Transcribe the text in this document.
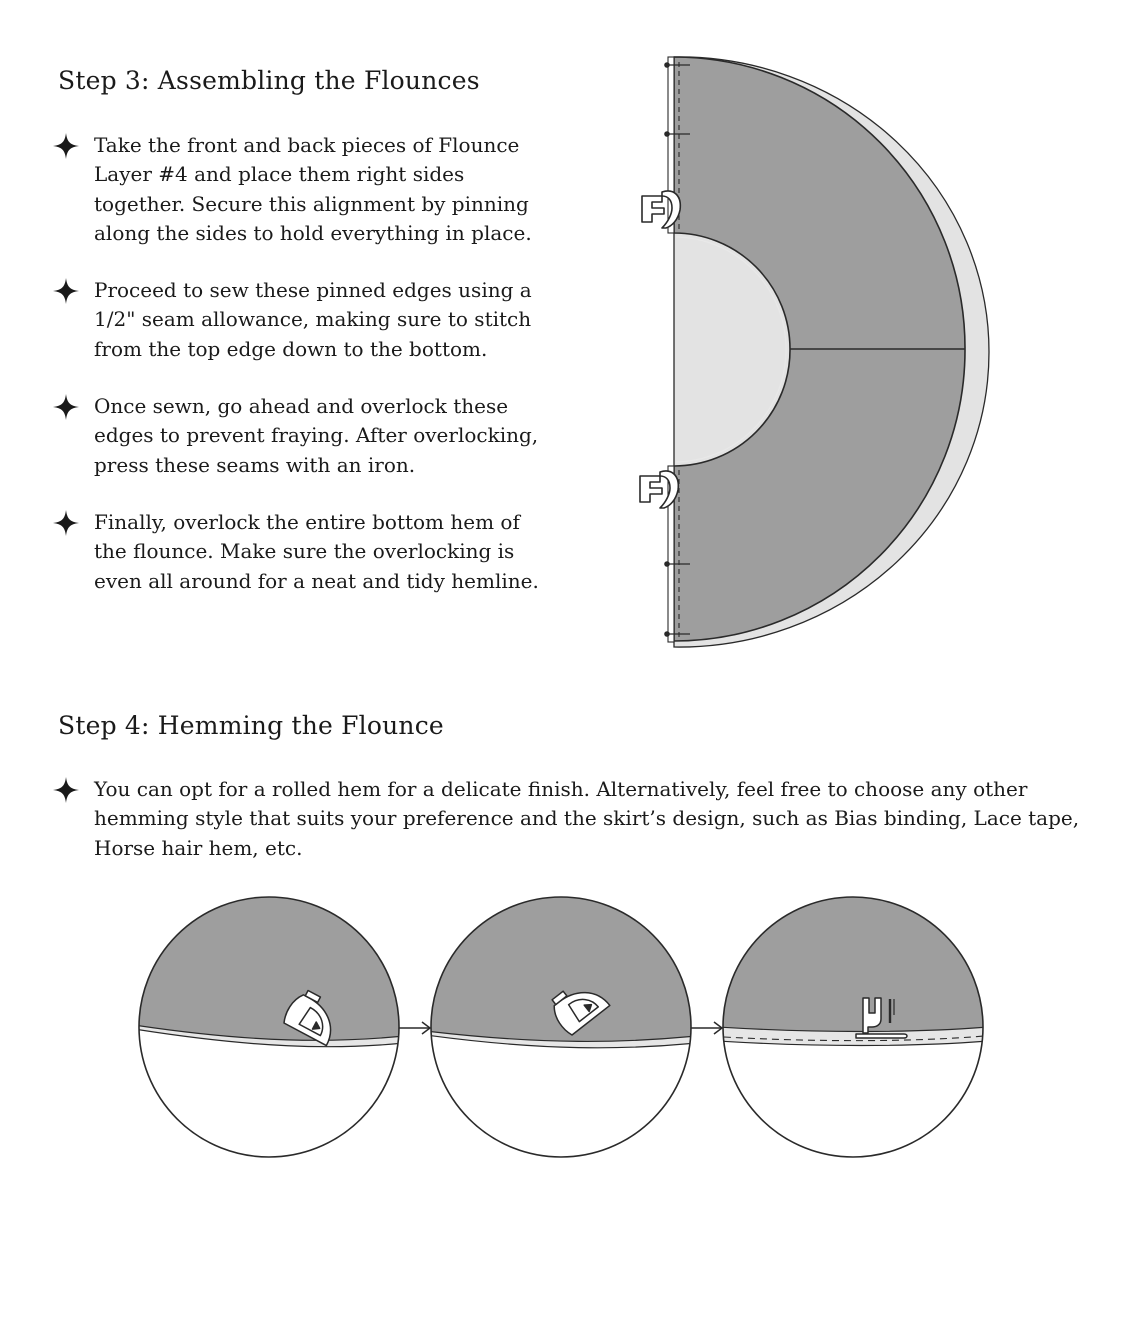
Step 3: Assembling the Flounces
Take the front and back pieces of Flounce Layer #4 and place them right sides together. Secure this alignment by pinning along the sides to hold everything in place.
Proceed to sew these pinned edges using a 1/2" seam allowance, making sure to stitch from the top edge down to the bottom.
Once sewn, go ahead and overlock these edges to prevent fraying. After overlocking, press these seams with an iron.
Finally, overlock the entire bottom hem of the flounce. Make sure the overlocking is even all around for a neat and tidy hemline.
Step 4: Hemming the Flounce
You can opt for a rolled hem for a delicate finish. Alternatively, feel free to choose any other hemming style that suits your preference and the skirt’s design, such as Bias binding, Lace tape, Horse hair hem, etc.
